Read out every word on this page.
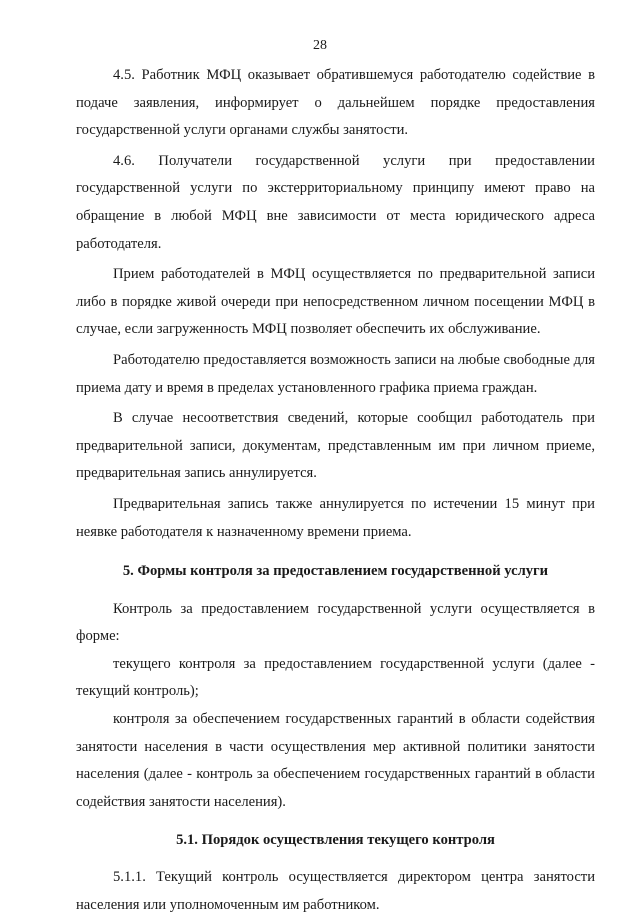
28

4.5. Работник МФЦ оказывает обратившемуся работодателю содействие в подаче заявления, информирует о дальнейшем порядке предоставления государственной услуги органами службы занятости.

4.6. Получатели государственной услуги при предоставлении государственной услуги по экстерриториальному принципу имеют право на обращение в любой МФЦ вне зависимости от места юридического адреса работодателя.

Прием работодателей в МФЦ осуществляется по предварительной записи либо в порядке живой очереди при непосредственном личном посещении МФЦ в случае, если загруженность МФЦ позволяет обеспечить их обслуживание.

Работодателю предоставляется возможность записи на любые свободные для приема дату и время в пределах установленного графика приема граждан.

В случае несоответствия сведений, которые сообщил работодатель при предварительной записи, документам, представленным им при личном приеме, предварительная запись аннулируется.

Предварительная запись также аннулируется по истечении 15 минут при неявке работодателя к назначенному времени приема.

5. Формы контроля за предоставлением государственной услуги

Контроль за предоставлением государственной услуги осуществляется в форме:

текущего контроля за предоставлением государственной услуги (далее - текущий контроль);

контроля за обеспечением государственных гарантий в области содействия занятости населения в части осуществления мер активной политики занятости населения (далее - контроль за обеспечением государственных гарантий в области содействия занятости населения).

5.1. Порядок осуществления текущего контроля

5.1.1. Текущий контроль осуществляется директором центра занятости населения или уполномоченным им работником.
